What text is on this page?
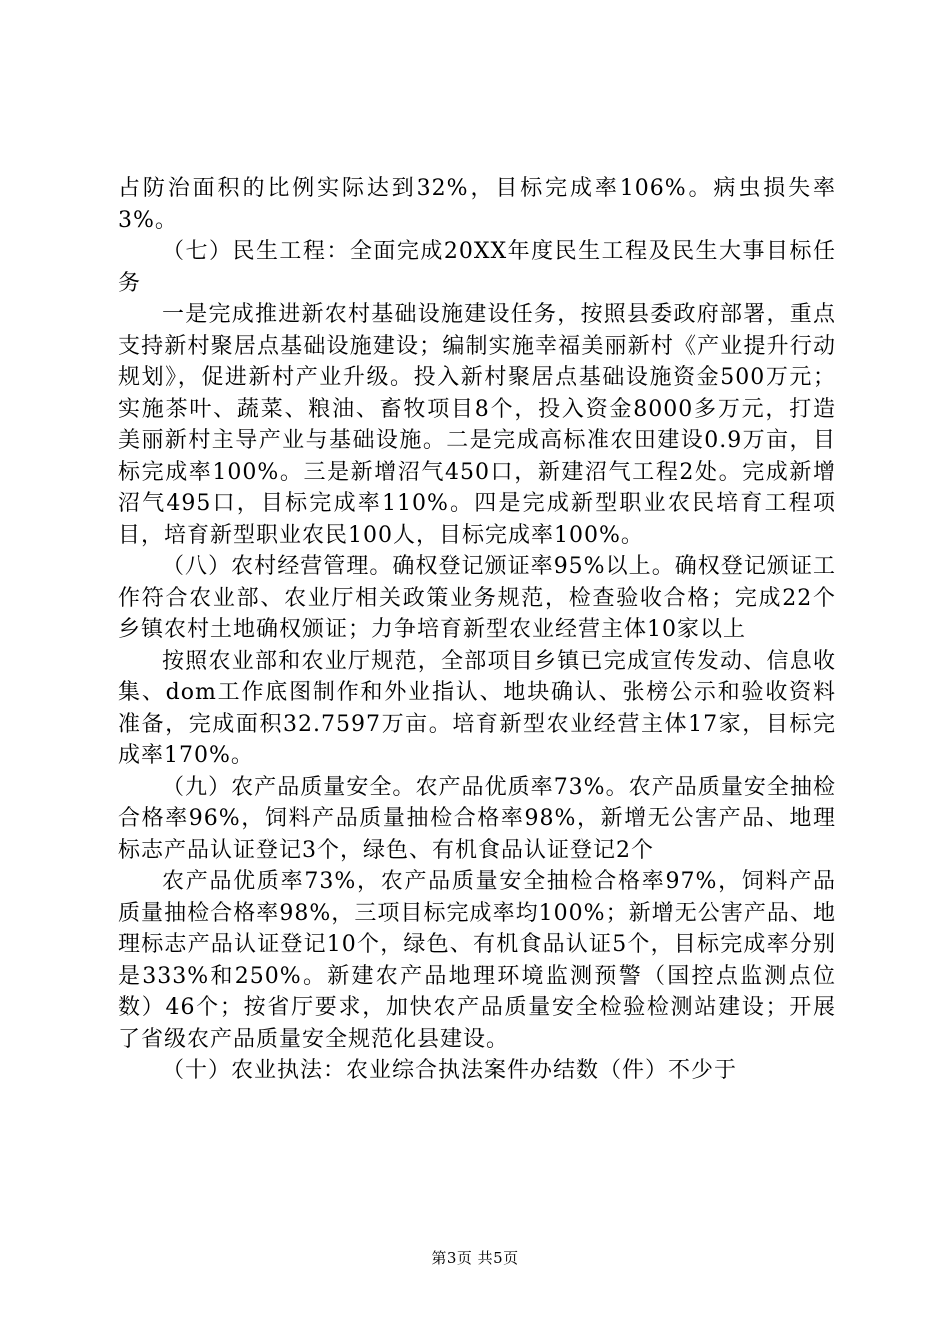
占防治面积的比例实际达到32%，目标完成率106%。病虫损失率3%。

（七）民生工程：全面完成20XX年度民生工程及民生大事目标任务

一是完成推进新农村基础设施建设任务，按照县委政府部署，重点支持新村聚居点基础设施建设；编制实施幸福美丽新村《产业提升行动规划》，促进新村产业升级。投入新村聚居点基础设施资金500万元；实施茶叶、蔬菜、粮油、畜牧项目8个，投入资金8000多万元，打造美丽新村主导产业与基础设施。二是完成高标准农田建设0.9万亩，目标完成率100%。三是新增沼气450口，新建沼气工程2处。完成新增沼气495口，目标完成率110%。四是完成新型职业农民培育工程项目，培育新型职业农民100人，目标完成率100%。

（八）农村经营管理。确权登记颁证率95%以上。确权登记颁证工作符合农业部、农业厅相关政策业务规范，检查验收合格；完成22个乡镇农村土地确权颁证；力争培育新型农业经营主体10家以上

按照农业部和农业厅规范，全部项目乡镇已完成宣传发动、信息收集、dom工作底图制作和外业指认、地块确认、张榜公示和验收资料准备，完成面积32.7597万亩。培育新型农业经营主体17家，目标完成率170%。

（九）农产品质量安全。农产品优质率73%。农产品质量安全抽检合格率96%，饲料产品质量抽检合格率98%，新增无公害产品、地理标志产品认证登记3个，绿色、有机食品认证登记2个

农产品优质率73%，农产品质量安全抽检合格率97%，饲料产品质量抽检合格率98%，三项目标完成率均100%；新增无公害产品、地理标志产品认证登记10个，绿色、有机食品认证5个，目标完成率分别是333%和250%。新建农产品地理环境监测预警（国控点监测点位数）46个；按省厅要求，加快农产品质量安全检验检测站建设；开展了省级农产品质量安全规范化县建设。

（十）农业执法：农业综合执法案件办结数（件）不少于

第3页 共5页
